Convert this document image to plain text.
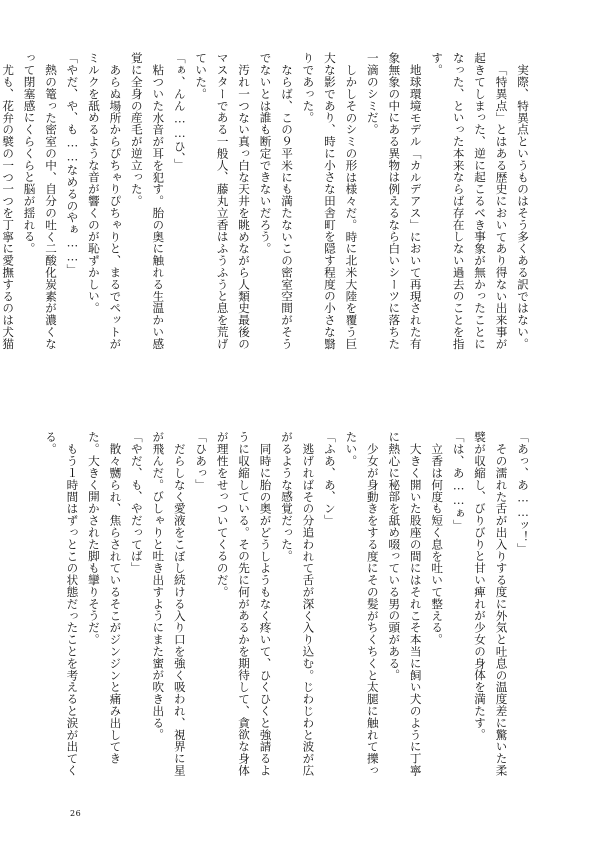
実際、特異点というものはそう多くある訳ではない。

「特異点」とはある歴史においてあり得ない出来事が起きてしまった、逆に起こるべき事象が無かったことになった、といった本来ならば存在しない過去のことを指す。

地球環境モデル「カルデアス」において再現された有象無象の中にある異物は例えるなら白いシーツに落ちた一滴のシミだ。

しかしそのシミの形は様々だ。時に北米大陸を覆う巨大な影であり、時に小さな田舎町を隠す程度の小さな翳りであった。

ならば、この９平米にも満たないこの密室空間がそうでないとは誰も断定できないだろう。

汚れ一つない真っ白な天井を眺めながら人類史最後のマスターである一般人、藤丸立香はふうふうと息を荒げていた。

「ぁ、んん……ひ、」

粘ついた水音が耳を犯す。胎の奥に触れる生温かい感覚に全身の産毛が逆立った。

あらぬ場所からぴちゃりぴちゃりと、まるでペットがミルクを舐めるような音が響くのが恥ずかしい。

「やだ、や、も……なめるのやぁ……」

熱の篭った密室の中、自分の吐く二酸化炭素が濃くなって閉塞感にくらくらと脳が揺れる。

尤も、花弁の襞の一つ一つを丁寧に愛撫するのは犬猫

「あっ、あ……ッ！」

その濡れた舌が出入りする度に外気と吐息の温度差に驚いた柔襞が収縮し、びりびりと甘い痺れが少女の身体を満たす。

「は、あ……ぁ」

立香は何度も短く息を吐いて整える。

大きく開いた股座の間にはそれこそ本当に飼い犬のように丁寧に熱心に秘部を舐め啜っている男の頭がある。

少女が身動きをする度にその髪がちくちくと太腿に触れて擽ったい。

「ふあ、あ、ン」

逃げればその分追われて舌が深く入り込む。じわじわと波が広がるような感覚だった。

同時に胎の奥がどうしようもなく疼いて、ひくひくと強請るように収縮している。その先に何があるかを期待して、貪欲な身体が理性をせっついてくるのだ。

「ひあっ」

だらしなく愛液をこぼし続ける入り口を強く吸われ、視界に星が飛んだ。びしゃりと吐き出すようにまた蜜が吹き出る。

「やだ、も、やだってば」

散々嬲られ、焦らされているそこがジンジンと痛み出してきた。大きく開かされた脚も攣りそうだ。

もう１時間はずっとこの状態だったことを考えると涙が出てくる。

26
